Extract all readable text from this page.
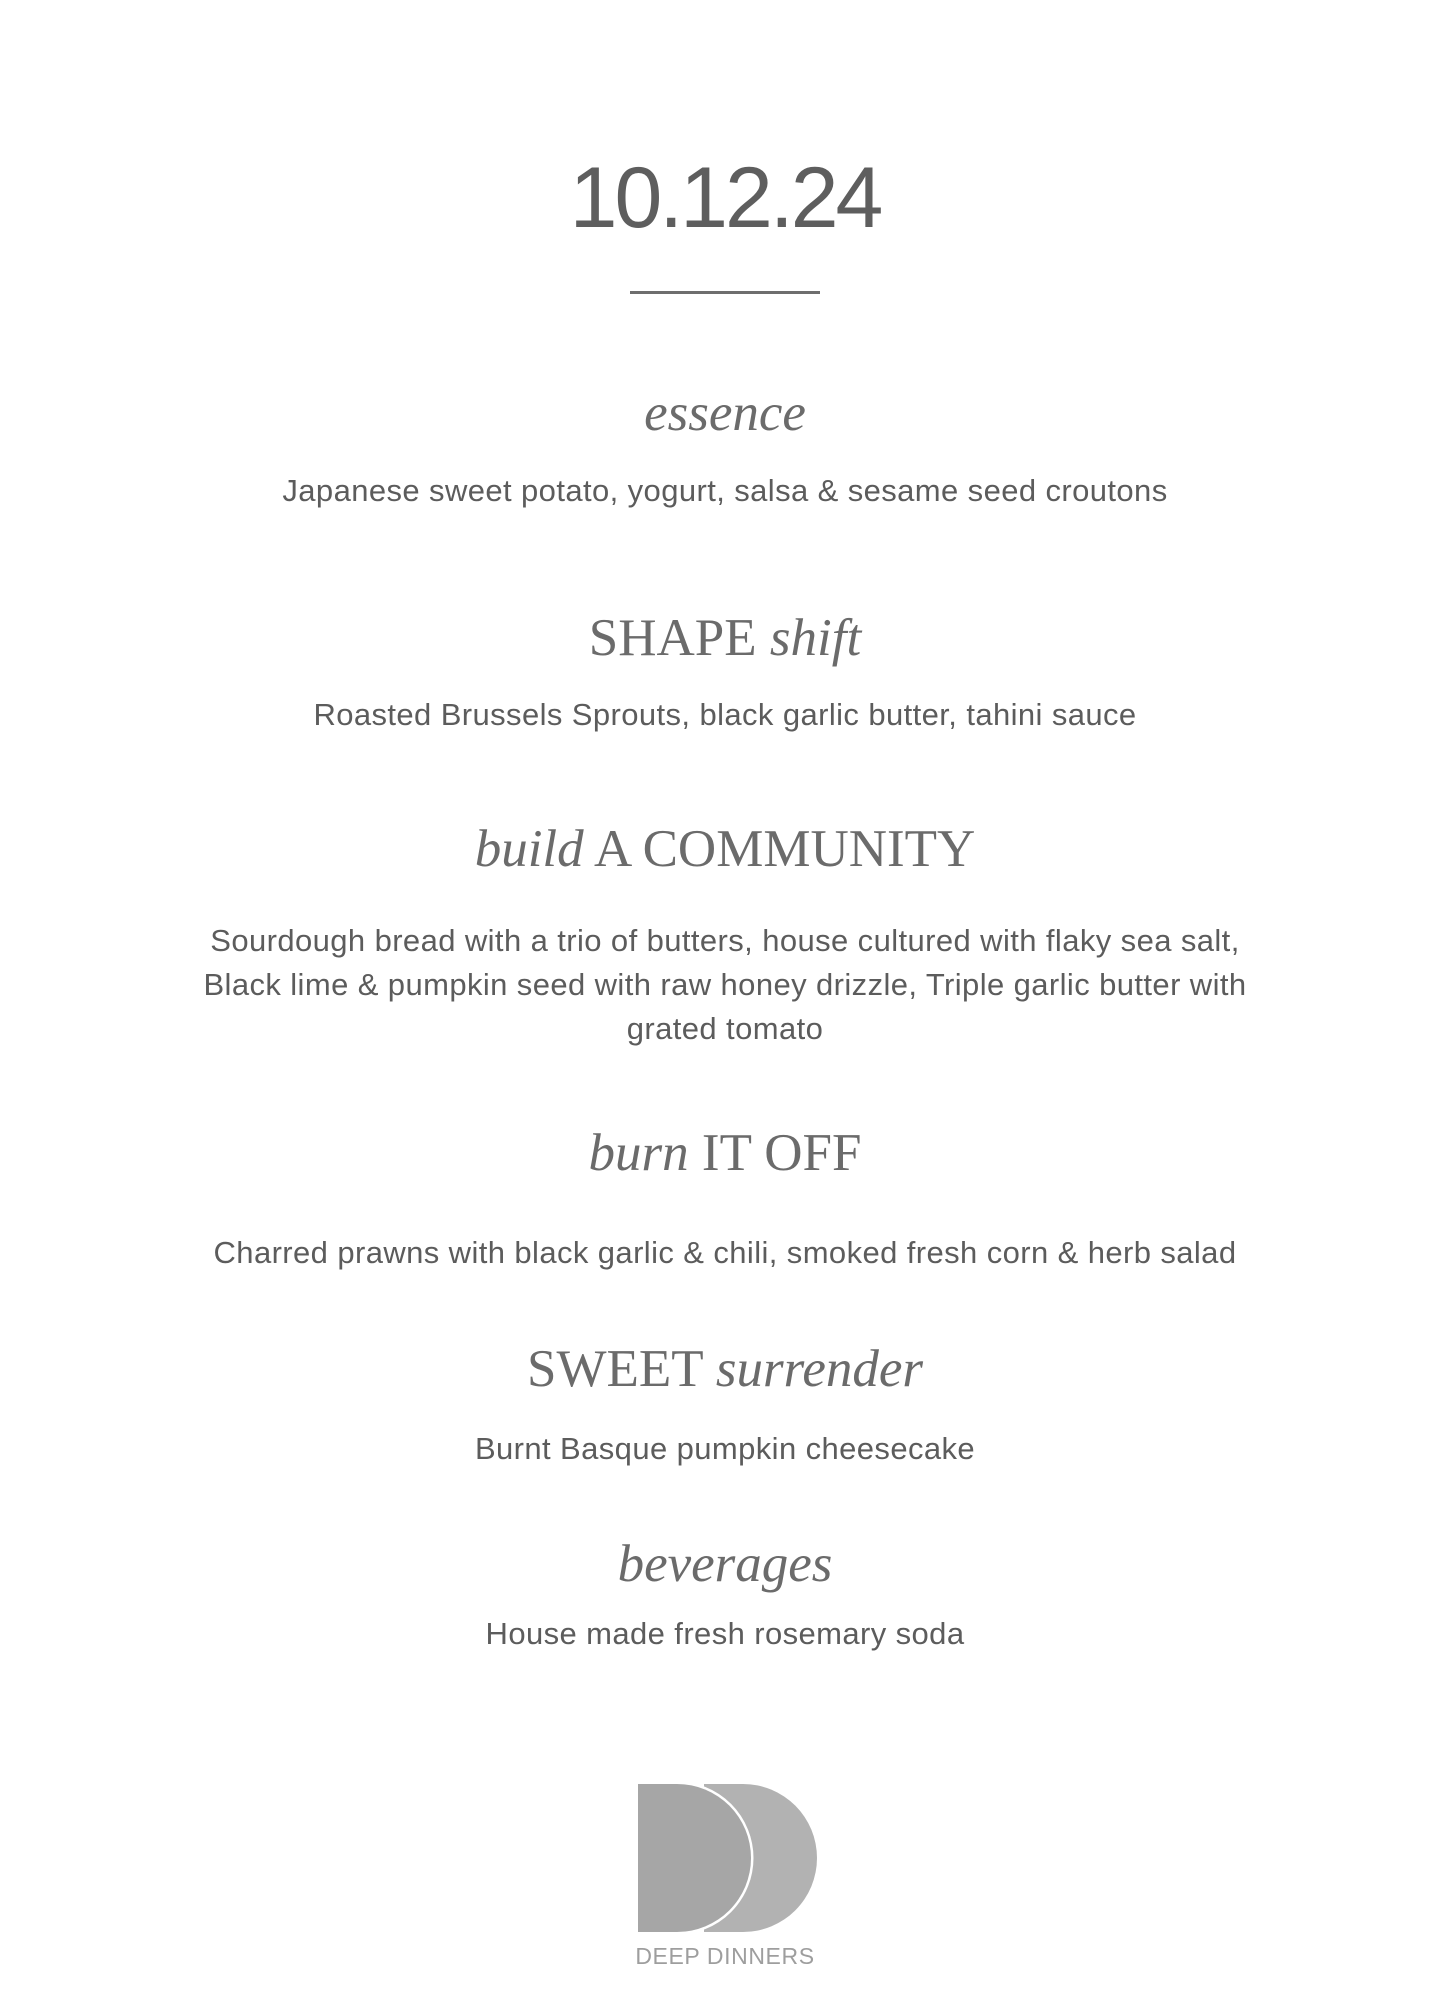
10.12.24
essence
Japanese sweet potato, yogurt, salsa & sesame seed croutons
SHAPE shift
Roasted Brussels Sprouts, black garlic butter, tahini sauce
build A COMMUNITY
Sourdough bread with a trio of butters, house cultured with flaky sea salt,
Black lime & pumpkin seed with raw honey drizzle, Triple garlic butter with
grated tomato
burn IT OFF
Charred prawns with black garlic & chili, smoked fresh corn & herb salad
SWEET surrender
Burnt Basque pumpkin cheesecake
beverages
House made fresh rosemary soda
DEEP DINNERS
